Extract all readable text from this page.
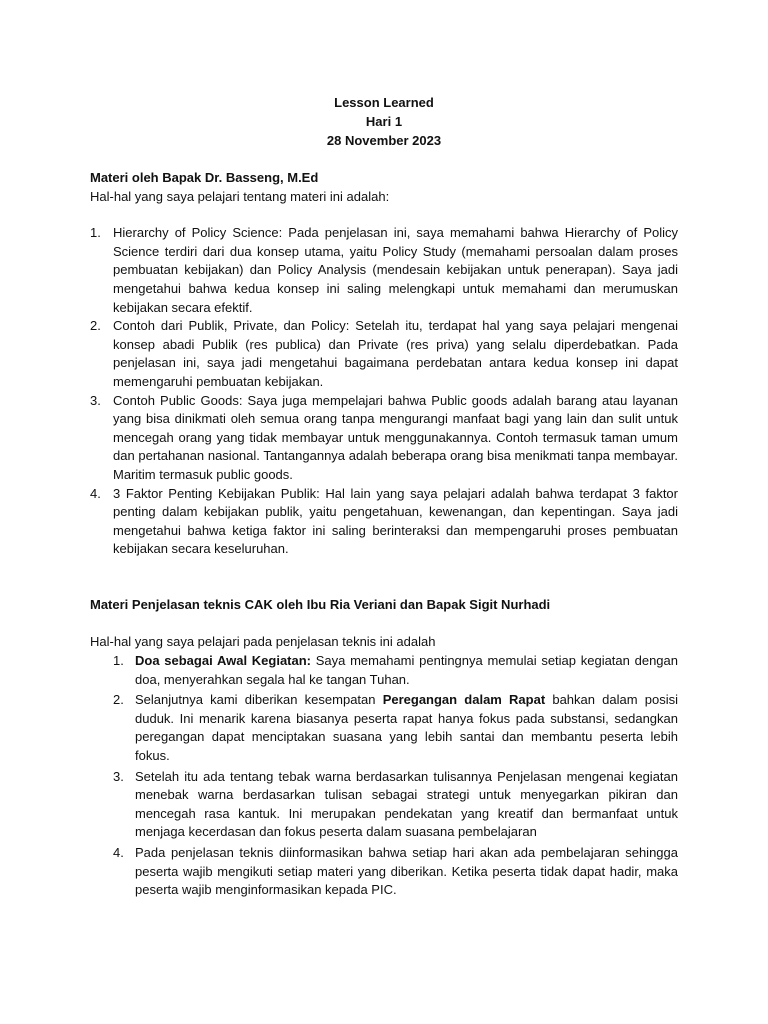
Lesson Learned
Hari 1
28 November 2023
Materi oleh Bapak Dr. Basseng, M.Ed
Hal-hal yang saya pelajari tentang materi ini adalah:
1. Hierarchy of Policy Science: Pada penjelasan ini, saya memahami bahwa Hierarchy of Policy Science terdiri dari dua konsep utama, yaitu Policy Study (memahami persoalan dalam proses pembuatan kebijakan) dan Policy Analysis (mendesain kebijakan untuk penerapan). Saya jadi mengetahui bahwa kedua konsep ini saling melengkapi untuk memahami dan merumuskan kebijakan secara efektif.
2. Contoh dari Publik, Private, dan Policy: Setelah itu, terdapat hal yang saya pelajari mengenai konsep abadi Publik (res publica) dan Private (res priva) yang selalu diperdebatkan. Pada penjelasan ini, saya jadi mengetahui bagaimana perdebatan antara kedua konsep ini dapat memengaruhi pembuatan kebijakan.
3. Contoh Public Goods: Saya juga mempelajari bahwa Public goods adalah barang atau layanan yang bisa dinikmati oleh semua orang tanpa mengurangi manfaat bagi yang lain dan sulit untuk mencegah orang yang tidak membayar untuk menggunakannya. Contoh termasuk taman umum dan pertahanan nasional. Tantangannya adalah beberapa orang bisa menikmati tanpa membayar. Maritim termasuk public goods.
4. 3 Faktor Penting Kebijakan Publik: Hal lain yang saya pelajari adalah bahwa terdapat 3 faktor penting dalam kebijakan publik, yaitu pengetahuan, kewenangan, dan kepentingan. Saya jadi mengetahui bahwa ketiga faktor ini saling berinteraksi dan mempengaruhi proses pembuatan kebijakan secara keseluruhan.
Materi Penjelasan teknis CAK oleh Ibu Ria Veriani dan Bapak Sigit Nurhadi
Hal-hal yang saya pelajari pada penjelasan teknis ini adalah
1. Doa sebagai Awal Kegiatan: Saya memahami pentingnya memulai setiap kegiatan dengan doa, menyerahkan segala hal ke tangan Tuhan.
2. Selanjutnya kami diberikan kesempatan Peregangan dalam Rapat bahkan dalam posisi duduk. Ini menarik karena biasanya peserta rapat hanya fokus pada substansi, sedangkan peregangan dapat menciptakan suasana yang lebih santai dan membantu peserta lebih fokus.
3. Setelah itu ada tentang tebak warna berdasarkan tulisannya Penjelasan mengenai kegiatan menebak warna berdasarkan tulisan sebagai strategi untuk menyegarkan pikiran dan mencegah rasa kantuk. Ini merupakan pendekatan yang kreatif dan bermanfaat untuk menjaga kecerdasan dan fokus peserta dalam suasana pembelajaran
4. Pada penjelasan teknis diinformasikan bahwa setiap hari akan ada pembelajaran sehingga peserta wajib mengikuti setiap materi yang diberikan. Ketika peserta tidak dapat hadir, maka peserta wajib menginformasikan kepada PIC.
